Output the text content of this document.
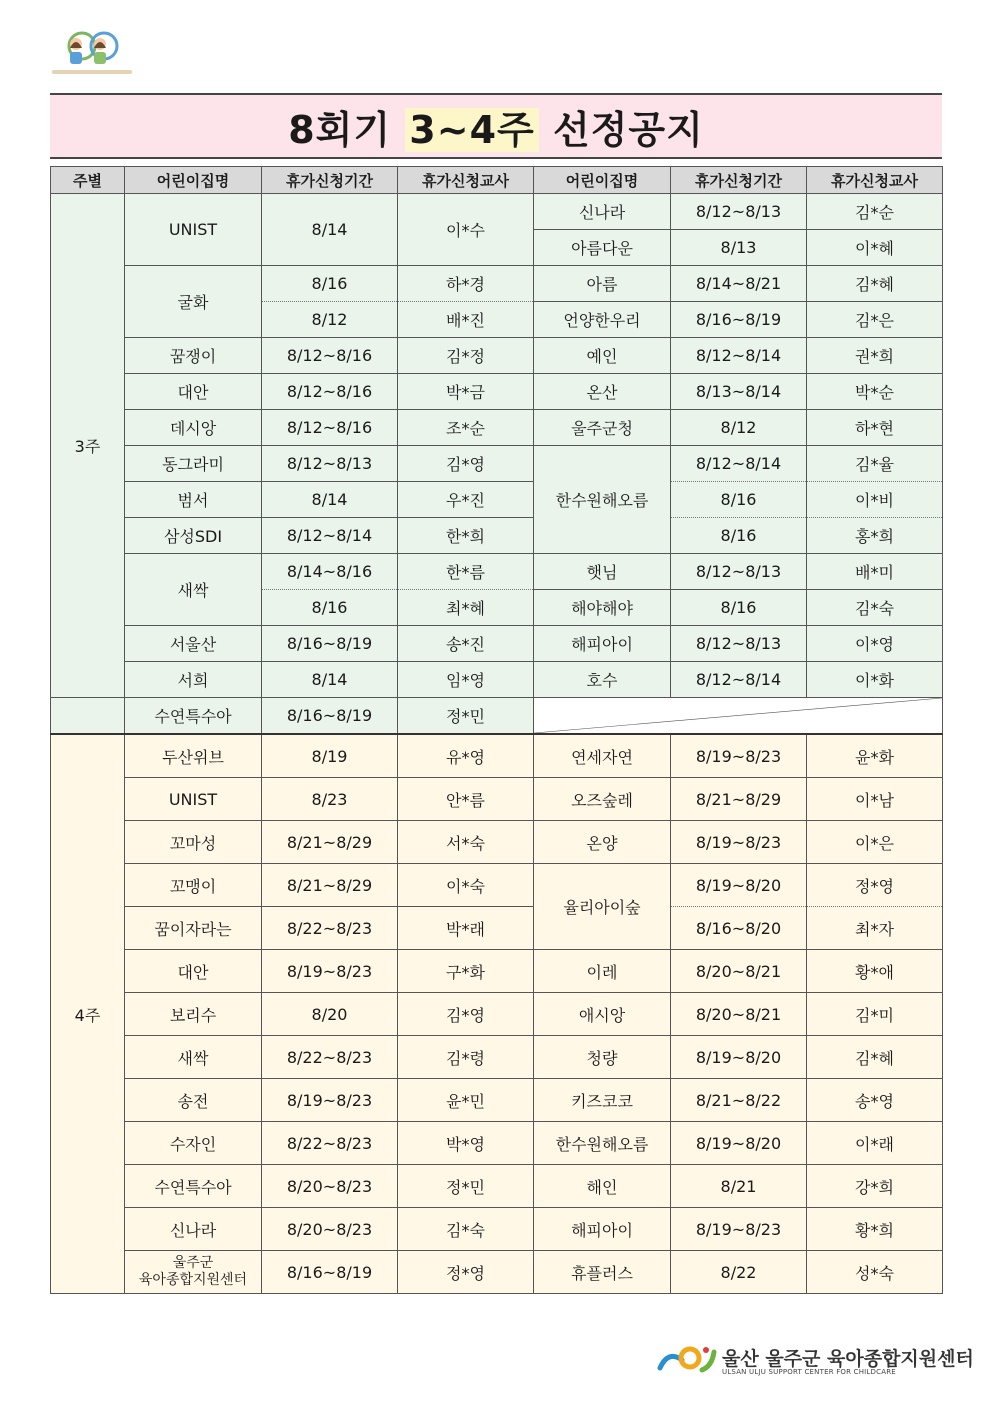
8회기 3~4주 선정공지
주별	어린이집명	휴가신청기간	휴가신청교사	어린이집명	휴가신청기간	휴가신청교사
3주	UNIST	8/14	이*수	신나라	8/12~8/13	김*순
				아름다운	8/13	이*혜
	굴화	8/16	하*경	아름	8/14~8/21	김*혜
		8/12	배*진	언양한우리	8/16~8/19	김*은
	꿈쟁이	8/12~8/16	김*정	예인	8/12~8/14	권*희
	대안	8/12~8/16	박*금	온산	8/13~8/14	박*순
	데시앙	8/12~8/16	조*순	울주군청	8/12	하*현
	동그라미	8/12~8/13	김*영	한수원해오름	8/12~8/14	김*율
	범서	8/14	우*진		8/16	이*비
	삼성SDI	8/12~8/14	한*희		8/16	홍*희
	새싹	8/14~8/16	한*름	햇님	8/12~8/13	배*미
		8/16	최*혜	해야해야	8/16	김*숙
	서울산	8/16~8/19	송*진	해피아이	8/12~8/13	이*영
	서희	8/14	임*영	호수	8/12~8/14	이*화
	수연특수아	8/16~8/19	정*민	

4주	두산위브	8/19	유*영	연세자연	8/19~8/23	윤*화
	UNIST	8/23	안*름	오즈숲레	8/21~8/29	이*남
	꼬마성	8/21~8/29	서*숙	온양	8/19~8/23	이*은
	꼬맹이	8/21~8/29	이*숙	율리아이숲	8/19~8/20	정*영
	꿈이자라는	8/22~8/23	박*래		8/16~8/20	최*자
	대안	8/19~8/23	구*화	이레	8/20~8/21	황*애
	보리수	8/20	김*영	애시앙	8/20~8/21	김*미
	새싹	8/22~8/23	김*령	청량	8/19~8/20	김*혜
	송전	8/19~8/23	윤*민	키즈코코	8/21~8/22	송*영
	수자인	8/22~8/23	박*영	한수원해오름	8/19~8/20	이*래
	수연특수아	8/20~8/23	정*민	해인	8/21	강*희
	신나라	8/20~8/23	김*숙	해피아이	8/19~8/23	황*희
	울주군
육아종합지원센터	8/16~8/19	정*영	휴플러스	8/22	성*숙
울산 울주군 육아종합지원센터
ULSAN ULJU SUPPORT CENTER FOR CHILDCARE
